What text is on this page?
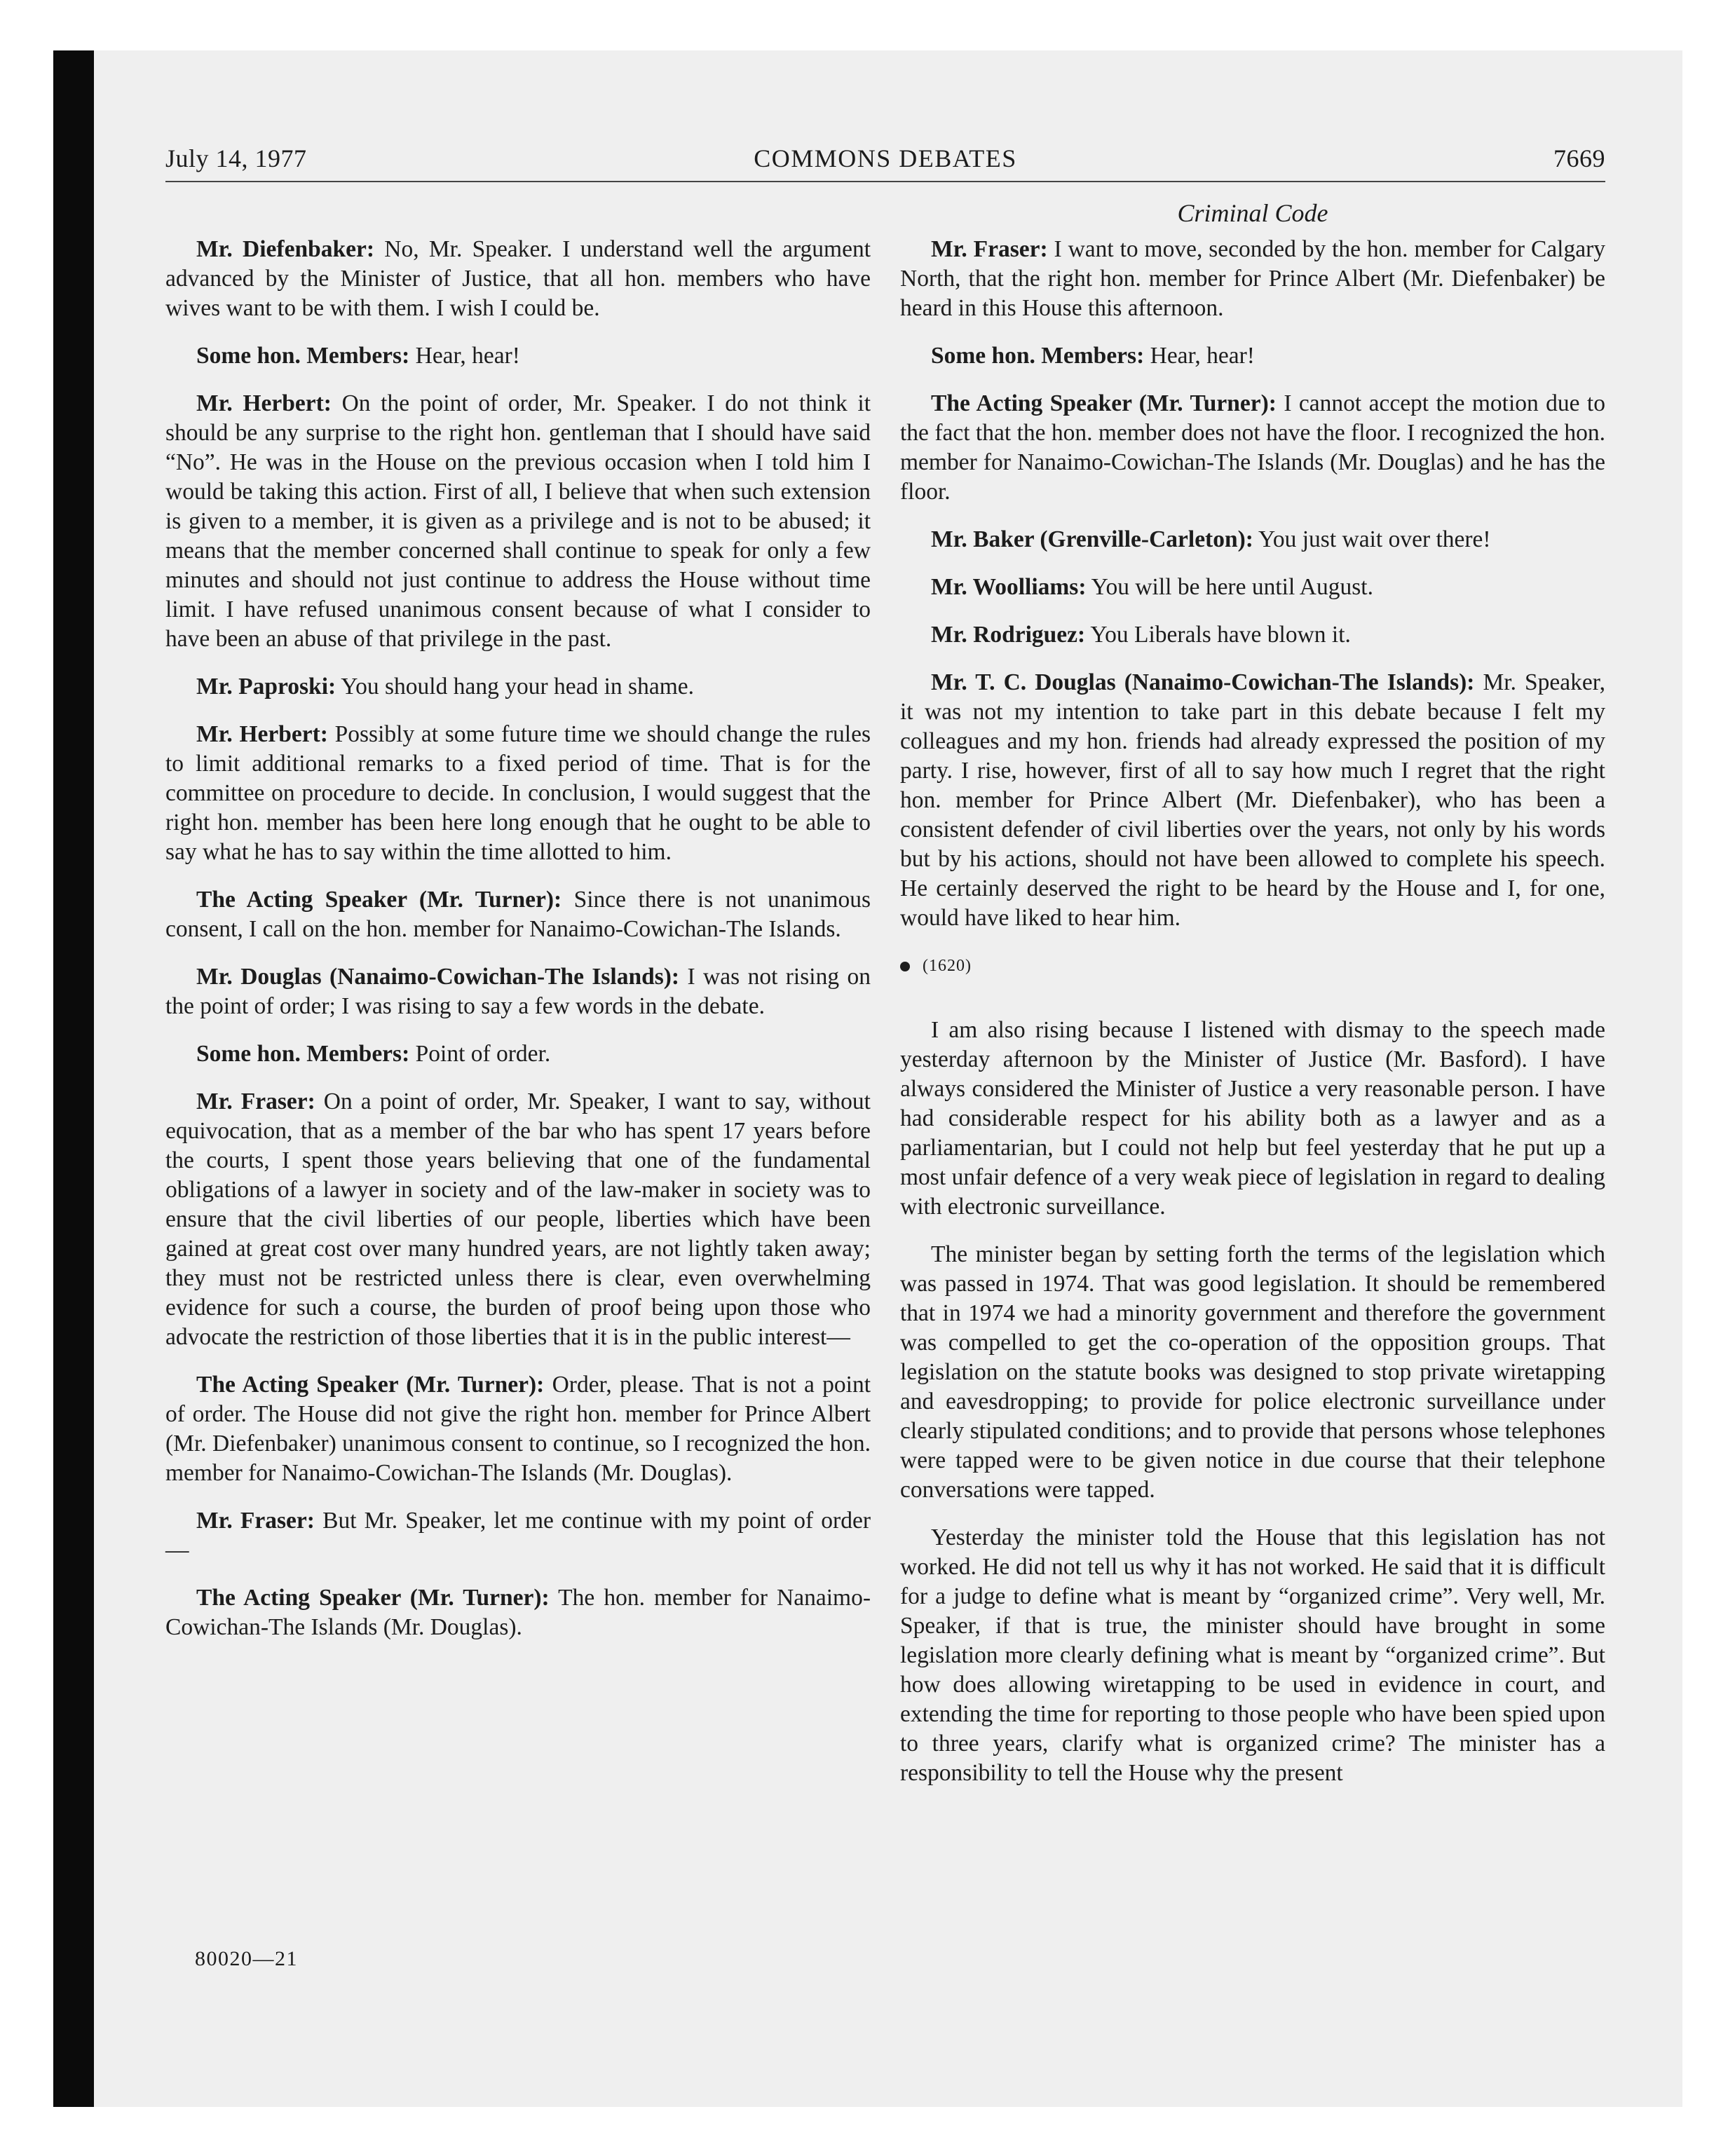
July 14, 1977	COMMONS DEBATES	7669
Criminal Code

Mr. Diefenbaker: No, Mr. Speaker. I understand well the argument advanced by the Minister of Justice, that all hon. members who have wives want to be with them. I wish I could be.

Some hon. Members: Hear, hear!

Mr. Herbert: On the point of order, Mr. Speaker. I do not think it should be any surprise to the right hon. gentleman that I should have said “No”. He was in the House on the previous occasion when I told him I would be taking this action. First of all, I believe that when such extension is given to a member, it is given as a privilege and is not to be abused; it means that the member concerned shall continue to speak for only a few minutes and should not just continue to address the House without time limit. I have refused unanimous consent because of what I consider to have been an abuse of that privilege in the past.

Mr. Paproski: You should hang your head in shame.

Mr. Herbert: Possibly at some future time we should change the rules to limit additional remarks to a fixed period of time. That is for the committee on procedure to decide. In conclusion, I would suggest that the right hon. member has been here long enough that he ought to be able to say what he has to say within the time allotted to him.

The Acting Speaker (Mr. Turner): Since there is not unanimous consent, I call on the hon. member for Nanaimo-Cowichan-The Islands.

Mr. Douglas (Nanaimo-Cowichan-The Islands): I was not rising on the point of order; I was rising to say a few words in the debate.

Some hon. Members: Point of order.

Mr. Fraser: On a point of order, Mr. Speaker, I want to say, without equivocation, that as a member of the bar who has spent 17 years before the courts, I spent those years believing that one of the fundamental obligations of a lawyer in society and of the law-maker in society was to ensure that the civil liberties of our people, liberties which have been gained at great cost over many hundred years, are not lightly taken away; they must not be restricted unless there is clear, even overwhelming evidence for such a course, the burden of proof being upon those who advocate the restriction of those liberties that it is in the public interest—

The Acting Speaker (Mr. Turner): Order, please. That is not a point of order. The House did not give the right hon. member for Prince Albert (Mr. Diefenbaker) unanimous consent to continue, so I recognized the hon. member for Nanaimo-Cowichan-The Islands (Mr. Douglas).

Mr. Fraser: But Mr. Speaker, let me continue with my point of order—

The Acting Speaker (Mr. Turner): The hon. member for Nanaimo-Cowichan-The Islands (Mr. Douglas).

Mr. Fraser: I want to move, seconded by the hon. member for Calgary North, that the right hon. member for Prince Albert (Mr. Diefenbaker) be heard in this House this afternoon.

Some hon. Members: Hear, hear!

The Acting Speaker (Mr. Turner): I cannot accept the motion due to the fact that the hon. member does not have the floor. I recognized the hon. member for Nanaimo-Cowichan-The Islands (Mr. Douglas) and he has the floor.

Mr. Baker (Grenville-Carleton): You just wait over there!

Mr. Woolliams: You will be here until August.

Mr. Rodriguez: You Liberals have blown it.

Mr. T. C. Douglas (Nanaimo-Cowichan-The Islands): Mr. Speaker, it was not my intention to take part in this debate because I felt my colleagues and my hon. friends had already expressed the position of my party. I rise, however, first of all to say how much I regret that the right hon. member for Prince Albert (Mr. Diefenbaker), who has been a consistent defender of civil liberties over the years, not only by his words but by his actions, should not have been allowed to complete his speech. He certainly deserved the right to be heard by the House and I, for one, would have liked to hear him.

(1620)

I am also rising because I listened with dismay to the speech made yesterday afternoon by the Minister of Justice (Mr. Basford). I have always considered the Minister of Justice a very reasonable person. I have had considerable respect for his ability both as a lawyer and as a parliamentarian, but I could not help but feel yesterday that he put up a most unfair defence of a very weak piece of legislation in regard to dealing with electronic surveillance.

The minister began by setting forth the terms of the legislation which was passed in 1974. That was good legislation. It should be remembered that in 1974 we had a minority government and therefore the government was compelled to get the co-operation of the opposition groups. That legislation on the statute books was designed to stop private wiretapping and eavesdropping; to provide for police electronic surveillance under clearly stipulated conditions; and to provide that persons whose telephones were tapped were to be given notice in due course that their telephone conversations were tapped.

Yesterday the minister told the House that this legislation has not worked. He did not tell us why it has not worked. He said that it is difficult for a judge to define what is meant by “organized crime”. Very well, Mr. Speaker, if that is true, the minister should have brought in some legislation more clearly defining what is meant by “organized crime”. But how does allowing wiretapping to be used in evidence in court, and extending the time for reporting to those people who have been spied upon to three years, clarify what is organized crime? The minister has a responsibility to tell the House why the present

80020—21
